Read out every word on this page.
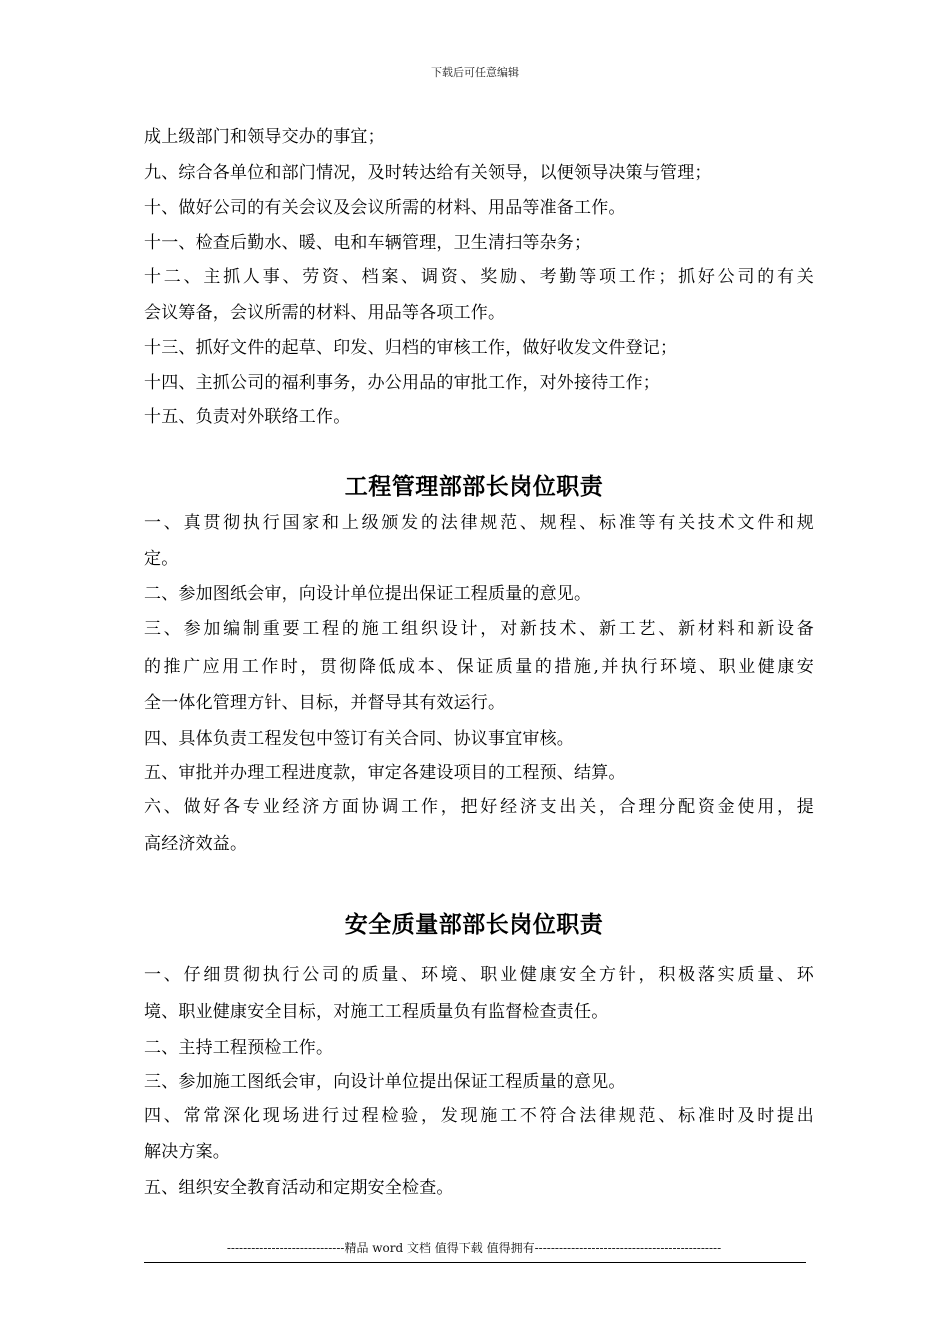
下载后可任意编辑
成上级部门和领导交办的事宜；
九、综合各单位和部门情况，及时转达给有关领导，以便领导决策与管理；
十、做好公司的有关会议及会议所需的材料、用品等准备工作。
十一、检查后勤水、暖、电和车辆管理，卫生清扫等杂务；
十二、主抓人事、劳资、档案、调资、奖励、考勤等项工作；抓好公司的有关
会议筹备，会议所需的材料、用品等各项工作。
十三、抓好文件的起草、印发、归档的审核工作，做好收发文件登记；
十四、主抓公司的福利事务，办公用品的审批工作，对外接待工作；
十五、负责对外联络工作。
工程管理部部长岗位职责
一、真贯彻执行国家和上级颁发的法律规范、规程、标准等有关技术文件和规
定。
二、参加图纸会审，向设计单位提出保证工程质量的意见。
三、参加编制重要工程的施工组织设计，对新技术、新工艺、新材料和新设备
的推广应用工作时，贯彻降低成本、保证质量的措施,并执行环境、职业健康安
全一体化管理方针、目标，并督导其有效运行。
四、具体负责工程发包中签订有关合同、协议事宜审核。
五、审批并办理工程进度款，审定各建设项目的工程预、结算。
六、做好各专业经济方面协调工作，把好经济支出关，合理分配资金使用，提
高经济效益。
安全质量部部长岗位职责
一、仔细贯彻执行公司的质量、环境、职业健康安全方针，积极落实质量、环
境、职业健康安全目标，对施工工程质量负有监督检查责任。
二、主持工程预检工作。
三、参加施工图纸会审，向设计单位提出保证工程质量的意见。
四、常常深化现场进行过程检验，发现施工不符合法律规范、标准时及时提出
解决方案。
五、组织安全教育活动和定期安全检查。
-----------------------------精品 word 文档 值得下载 值得拥有----------------------------------------------
